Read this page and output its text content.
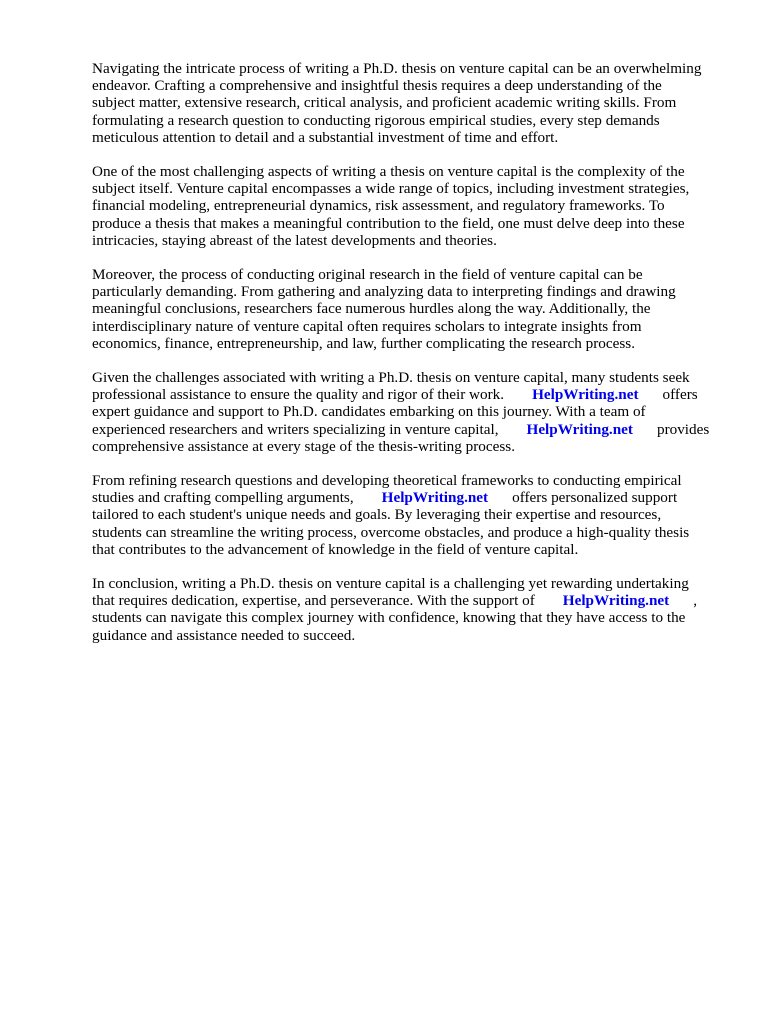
Navigating the intricate process of writing a Ph.D. thesis on venture capital can be an overwhelming
endeavor. Crafting a comprehensive and insightful thesis requires a deep understanding of the
subject matter, extensive research, critical analysis, and proficient academic writing skills. From
formulating a research question to conducting rigorous empirical studies, every step demands
meticulous attention to detail and a substantial investment of time and effort.

One of the most challenging aspects of writing a thesis on venture capital is the complexity of the
subject itself. Venture capital encompasses a wide range of topics, including investment strategies,
financial modeling, entrepreneurial dynamics, risk assessment, and regulatory frameworks. To
produce a thesis that makes a meaningful contribution to the field, one must delve deep into these
intricacies, staying abreast of the latest developments and theories.

Moreover, the process of conducting original research in the field of venture capital can be
particularly demanding. From gathering and analyzing data to interpreting findings and drawing
meaningful conclusions, researchers face numerous hurdles along the way. Additionally, the
interdisciplinary nature of venture capital often requires scholars to integrate insights from
economics, finance, entrepreneurship, and law, further complicating the research process.

Given the challenges associated with writing a Ph.D. thesis on venture capital, many students seek
professional assistance to ensure the quality and rigor of their work. HelpWriting.net offers
expert guidance and support to Ph.D. candidates embarking on this journey. With a team of
experienced researchers and writers specializing in venture capital, HelpWriting.net provides
comprehensive assistance at every stage of the thesis-writing process.

From refining research questions and developing theoretical frameworks to conducting empirical
studies and crafting compelling arguments, HelpWriting.net offers personalized support
tailored to each student's unique needs and goals. By leveraging their expertise and resources,
students can streamline the writing process, overcome obstacles, and produce a high-quality thesis
that contributes to the advancement of knowledge in the field of venture capital.

In conclusion, writing a Ph.D. thesis on venture capital is a challenging yet rewarding undertaking
that requires dedication, expertise, and perseverance. With the support of HelpWriting.net ,
students can navigate this complex journey with confidence, knowing that they have access to the
guidance and assistance needed to succeed.
